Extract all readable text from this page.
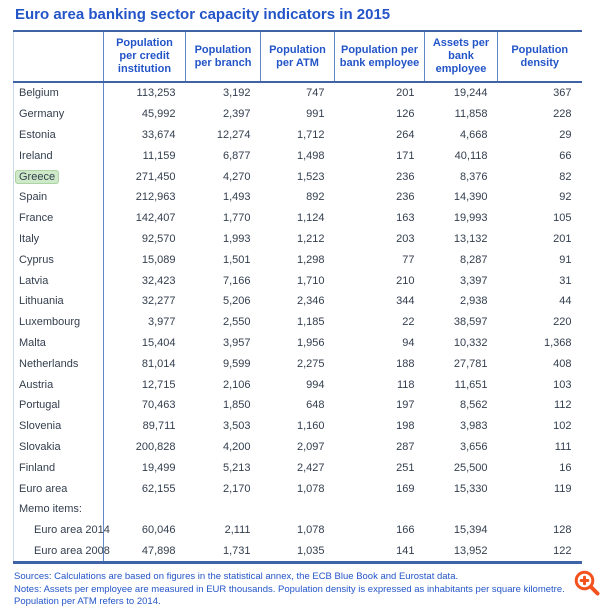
Euro area banking sector capacity indicators in 2015
	Population per credit institution	Population per branch	Population per ATM	Population per bank employee	Assets per bank employee	Population density
Belgium	113,253	3,192	747	201	19,244	367
Germany	45,992	2,397	991	126	11,858	228
Estonia	33,674	12,274	1,712	264	4,668	29
Ireland	11,159	6,877	1,498	171	40,118	66
Greece	271,450	4,270	1,523	236	8,376	82
Spain	212,963	1,493	892	236	14,390	92
France	142,407	1,770	1,124	163	19,993	105
Italy	92,570	1,993	1,212	203	13,132	201
Cyprus	15,089	1,501	1,298	77	8,287	91
Latvia	32,423	7,166	1,710	210	3,397	31
Lithuania	32,277	5,206	2,346	344	2,938	44
Luxembourg	3,977	2,550	1,185	22	38,597	220
Malta	15,404	3,957	1,956	94	10,332	1,368
Netherlands	81,014	9,599	2,275	188	27,781	408
Austria	12,715	2,106	994	118	11,651	103
Portugal	70,463	1,850	648	197	8,562	112
Slovenia	89,711	3,503	1,160	198	3,983	102
Slovakia	200,828	4,200	2,097	287	3,656	111
Finland	19,499	5,213	2,427	251	25,500	16
Euro area	62,155	2,170	1,078	169	15,330	119
Memo items:						
Euro area 2014	60,046	2,111	1,078	166	15,394	128
Euro area 2008	47,898	1,731	1,035	141	13,952	122
Sources: Calculations are based on figures in the statistical annex, the ECB Blue Book and Eurostat data.
Notes: Assets per employee are measured in EUR thousands. Population density is expressed as inhabitants per square kilometre.
Population per ATM refers to 2014.
